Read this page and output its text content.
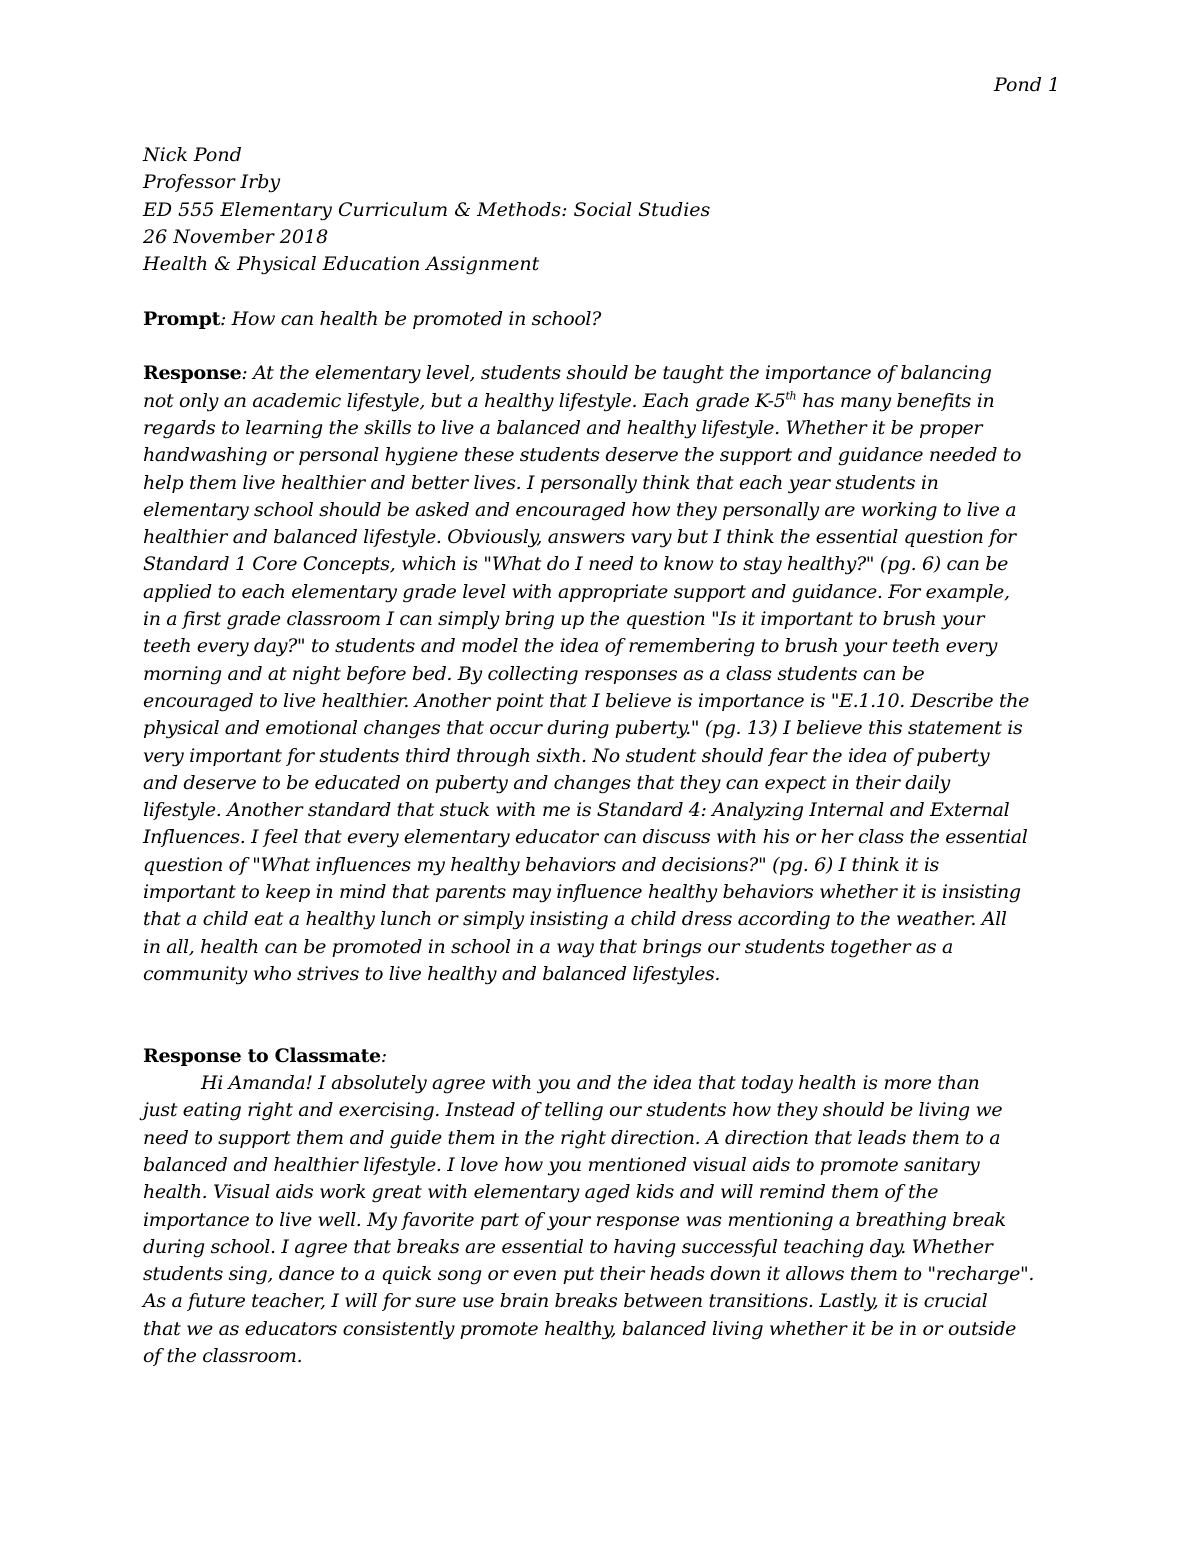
Pond 1
Nick Pond
Professor Irby
ED 555 Elementary Curriculum & Methods: Social Studies
26 November 2018
Health & Physical Education Assignment

Prompt: How can health be promoted in school?

Response: At the elementary level, students should be taught the importance of balancing
not only an academic lifestyle, but a healthy lifestyle. Each grade K-5th has many benefits in
regards to learning the skills to live a balanced and healthy lifestyle. Whether it be proper
handwashing or personal hygiene these students deserve the support and guidance needed to
help them live healthier and better lives. I personally think that each year students in
elementary school should be asked and encouraged how they personally are working to live a
healthier and balanced lifestyle. Obviously, answers vary but I think the essential question for
Standard 1 Core Concepts, which is "What do I need to know to stay healthy?" (pg. 6) can be
applied to each elementary grade level with appropriate support and guidance. For example,
in a first grade classroom I can simply bring up the question "Is it important to brush your
teeth every day?" to students and model the idea of remembering to brush your teeth every
morning and at night before bed. By collecting responses as a class students can be
encouraged to live healthier. Another point that I believe is importance is "E.1.10. Describe the
physical and emotional changes that occur during puberty." (pg. 13) I believe this statement is
very important for students third through sixth. No student should fear the idea of puberty
and deserve to be educated on puberty and changes that they can expect in their daily
lifestyle. Another standard that stuck with me is Standard 4: Analyzing Internal and External
Influences. I feel that every elementary educator can discuss with his or her class the essential
question of "What influences my healthy behaviors and decisions?" (pg. 6) I think it is
important to keep in mind that parents may influence healthy behaviors whether it is insisting
that a child eat a healthy lunch or simply insisting a child dress according to the weather. All
in all, health can be promoted in school in a way that brings our students together as a
community who strives to live healthy and balanced lifestyles.
Response to Classmate:
Hi Amanda! I absolutely agree with you and the idea that today health is more than
just eating right and exercising. Instead of telling our students how they should be living we
need to support them and guide them in the right direction. A direction that leads them to a
balanced and healthier lifestyle. I love how you mentioned visual aids to promote sanitary
health. Visual aids work great with elementary aged kids and will remind them of the
importance to live well. My favorite part of your response was mentioning a breathing break
during school. I agree that breaks are essential to having successful teaching day. Whether
students sing, dance to a quick song or even put their heads down it allows them to "recharge".
As a future teacher, I will for sure use brain breaks between transitions. Lastly, it is crucial
that we as educators consistently promote healthy, balanced living whether it be in or outside
of the classroom.
